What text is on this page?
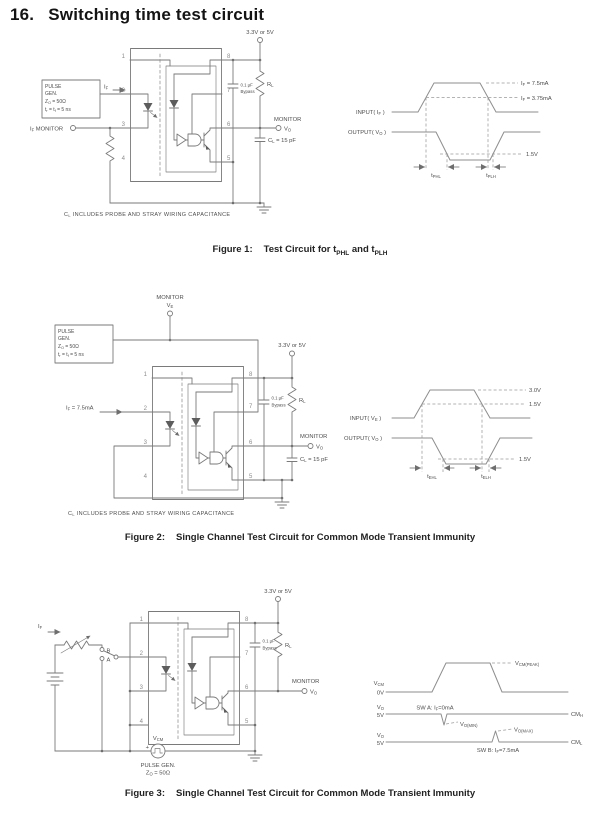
16. Switching time test circuit
1
2
3
4
8
7
6
5
PULSE
GEN.
ZO = 50Ω
tr = tf = 5 ns
IF
IF MONITOR
3.3V or 5V
0.1 µF
Bypass
RL
MONITOR
VO
CL = 15 pF
CL INCLUDES PROBE AND STRAY WIRING CAPACITANCE
INPUT( IF )
OUTPUT( VO )
IF = 7.5mA
IF = 3.75mA
1.5V
tPHL	tPLH
Figure 1: Test Circuit for $t_{PHL}$ and $t_{PLH}$
MONITOR
VE
PULSE
GEN.
ZO = 50Ω
tr = tf = 5 ns
1
2
3
4
8
7
6
5
IF = 7.5mA
3.3V or 5V
0.1 µF
Bypass
RL
MONITOR
VO
CL = 15 pF
CL INCLUDES PROBE AND STRAY WIRING CAPACITANCE
INPUT( VE )
OUTPUT( VO )
3.0V
1.5V
1.5V
tEHL	tELH
Figure 2: Single Channel Test Circuit for Common Mode Transient Immunity
IF
B
A
1
2
3
4
8
7
6
5
+
VCM
PULSE GEN.
ZO = 50Ω
3.3V or 5V
0.1 µF
Bypass RL
MONITOR
VO
VCM
0V
VCM(PEAK)
VO
5V
SW A: IF=0mA
VO(MIN)
CMH
VO
5V
VO(MAX)
SW B: IF=7.5mA
CML
Figure 3: Single Channel Test Circuit for Common Mode Transient Immunity
